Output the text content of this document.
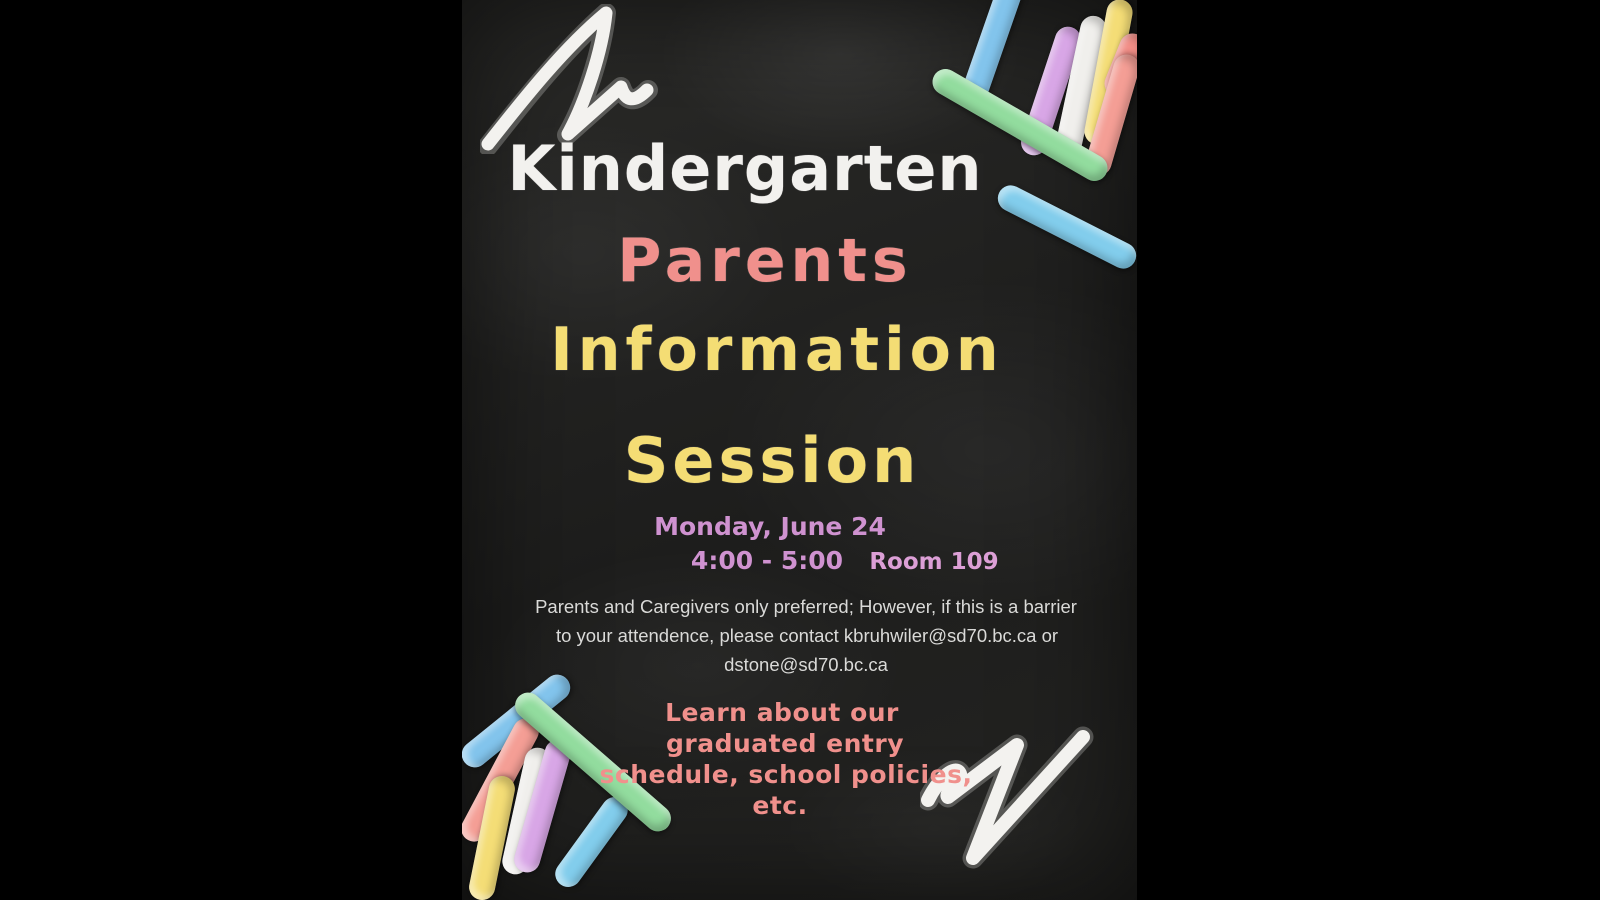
Kindergarten
Parents
Information
Session
Monday, June 24
4:00 - 5:00 Room 109
Parents and Caregivers only preferred; However, if this is a barrier
to your attendence, please contact kbruhwiler@sd70.bc.ca or
dstone@sd70.bc.ca
Learn about our
graduated entry
schedule, school policies,
etc.
